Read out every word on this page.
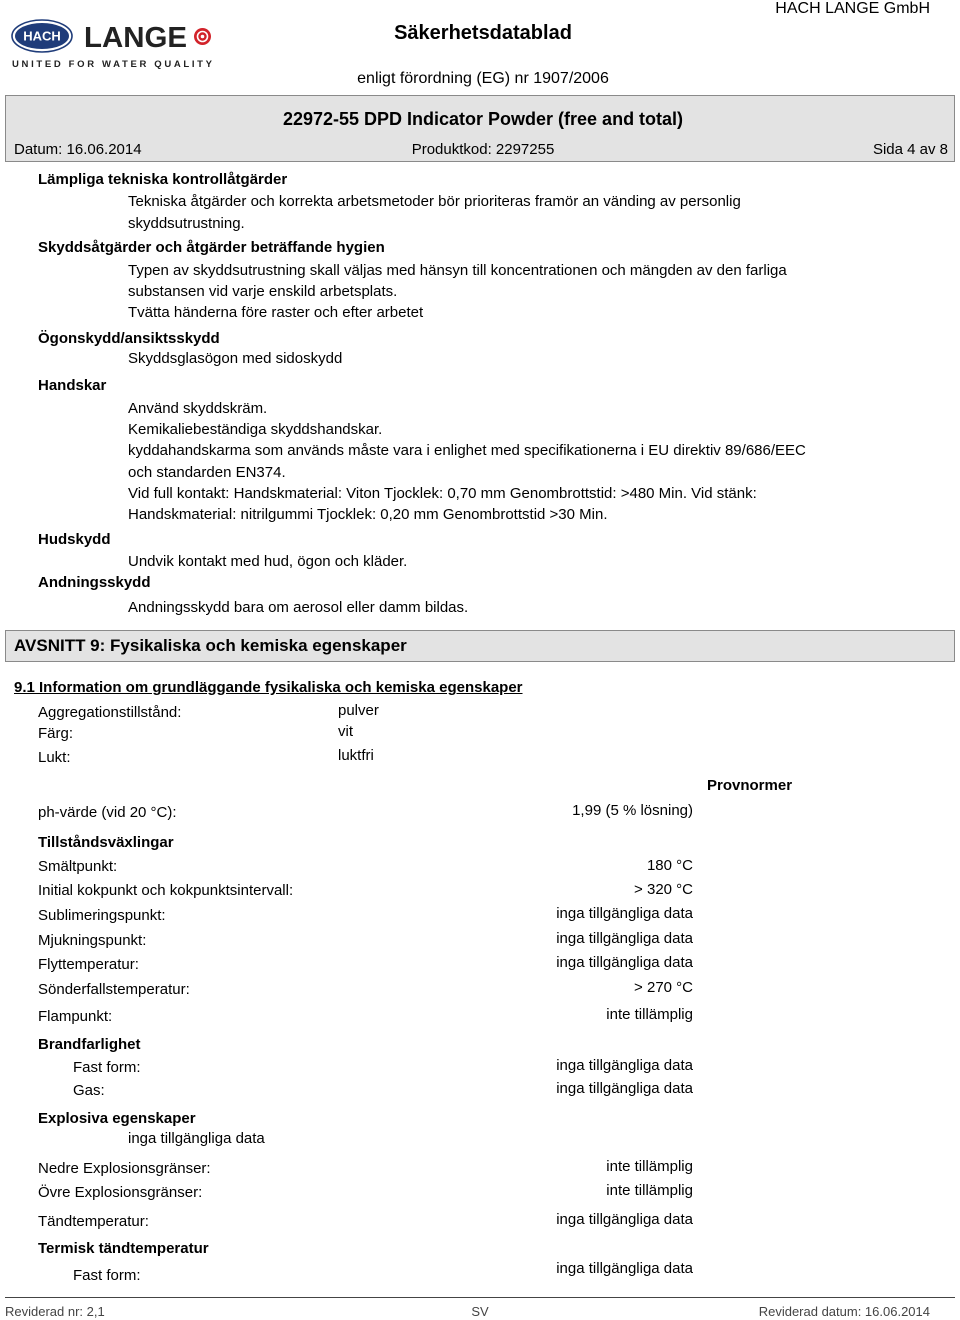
HACH LANGE
UNITED FOR WATER QUALITY
HACH LANGE GmbH
Säkerhetsdatablad
enligt förordning (EG) nr 1907/2006
22972-55 DPD Indicator Powder (free and total)
Datum: 16.06.2014	Produktkod: 2297255	Sida 4 av 8
Lämpliga tekniska kontrollåtgärder
Tekniska åtgärder och korrekta arbetsmetoder bör prioriteras framör an vänding av personlig
skyddsutrustning.
Skyddsåtgärder och åtgärder beträffande hygien
Typen av skyddsutrustning skall väljas med hänsyn till koncentrationen och mängden av den farliga
substansen vid varje enskild arbetsplats.
Tvätta händerna före raster och efter arbetet
Ögonskydd/ansiktsskydd
Skyddsglasögon med sidoskydd
Handskar
Använd skyddskräm.
Kemikaliebeständiga skyddshandskar.
kyddahandskarma som används måste vara i enlighet med specifikationerna i EU direktiv 89/686/EEC
och standarden EN374.
Vid full kontakt: Handskmaterial: Viton Tjocklek: 0,70 mm Genombrottstid: >480 Min. Vid stänk:
Handskmaterial: nitrilgummi Tjocklek: 0,20 mm Genombrottstid >30 Min.
Hudskydd
Undvik kontakt med hud, ögon och kläder.
Andningsskydd
Andningsskydd bara om aerosol eller damm bildas.
AVSNITT 9: Fysikaliska och kemiska egenskaper
9.1 Information om grundläggande fysikaliska och kemiska egenskaper
Aggregationstillstånd:	pulver
Färg:	vit
Lukt:	luktfri
Provnormer
ph-värde (vid 20 °C):	1,99 (5 % lösning)
Tillståndsväxlingar
Smältpunkt:	180 °C
Initial kokpunkt och kokpunktsintervall:	> 320 °C
Sublimeringspunkt:	inga tillgängliga data
Mjukningspunkt:	inga tillgängliga data
Flyttemperatur:	inga tillgängliga data
Sönderfallstemperatur:	> 270 °C
Flampunkt:	inte tillämplig
Brandfarlighet
Fast form:	inga tillgängliga data
Gas:	inga tillgängliga data
Explosiva egenskaper
inga tillgängliga data
Nedre Explosionsgränser:	inte tillämplig
Övre Explosionsgränser:	inte tillämplig
Tändtemperatur:	inga tillgängliga data
Termisk tändtemperatur
Fast form:	inga tillgängliga data
Reviderad nr: 2,1	SV	Reviderad datum: 16.06.2014
